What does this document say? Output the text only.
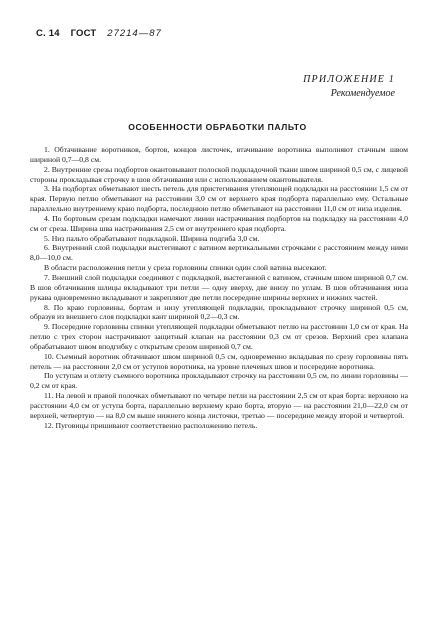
С. 14 ГОСТ 27214—87
ПРИЛОЖЕНИЕ 1
Рекомендуемое
ОСОБЕННОСТИ ОБРАБОТКИ ПАЛЬТО

1. Обтачивание воротников, бортов, концов листочек, втачивание воротника выполняют стачным швом шириной 0,7—0,8 см.

2. Внутренние срезы подбортов окантовывают полоской подкладочной ткани швом шириной 0,5 см, с лицевой стороны прокладывая строчку в шов обтачивания или с использованием окантовывателя.

3. На подбортах обметывают шесть петель для пристегивания утепляющей подкладки на расстоянии 1,5 см от края. Первую петлю обметывают на расстоянии 3,0 см от верхнего края подборта параллельно ему. Остальные параллельно внутреннему краю подборта, последнюю петлю обметывают на расстоянии 11,0 см от низа изделия.

4. По бортовым срезам подкладки намечают линии настрачивания подбортов на подкладку на расстоянии 4,0 см от среза. Ширина шва настрачивания 2,5 см от внутреннего края подборта.

5. Низ пальто обрабатывают подкладкой. Ширина подгиба 3,0 см.

6. Внутренний слой подкладки выстегивают с ватином вертикальными строчками с расстоянием между ними 8,0—10,0 см.

В области расположения петли у среза горловины спинки один слой ватина высекают.

7. Внешний слой подкладки соединяют с подкладкой, выстеганной с ватином, стачным швом шириной 0,7 см. В шов обтачивания шлицы вкладывают три петли — одну вверху, две внизу по углам. В шов обтачивания низа рукава одновременно вкладывают и закрепляют две петли посередине ширины верхних и нижних частей.

8. По краю горловины, бортам и низу утепляющей подкладки, прокладывают строчку шириной 0,5 см, образуя из внешнего слоя подкладки кант шириной 0,2—0,3 см.

9. Посередине горловины спинки утепляющей подкладки обметывают петлю на расстоянии 1,0 см от края. На петлю с трех сторон настрачивают защитный клапан на расстоянии 0,3 см от срезов. Верхний срез клапана обрабатывают швом вподгибку с открытым срезом шириной 0,7 см.

10. Съемный воротник обтачивают швом шириной 0,5 см, одновременно вкладывая по срезу горловины пять петель — на расстоянии 2,0 см от уступов воротника, на уровне плечевых швов и посередине воротника.

По уступам и отлету съемного воротника прокладывают строчку на расстоянии 0,5 см, по линии горловины — 0,2 см от края.

11. На левой и правой полочках обметывают по четыре петли на расстоянии 2,5 см от края борта: верхнюю на расстоянии 4,0 см от уступа борта, параллельно верхнему краю борта, вторую — на расстоянии 21,0—22,0 см от верхней, четвертую — на 8,0 см выше нижнего конца листочки, третью — посередине между второй и четвертой.

12. Пуговицы пришивают соответственно расположению петель.
